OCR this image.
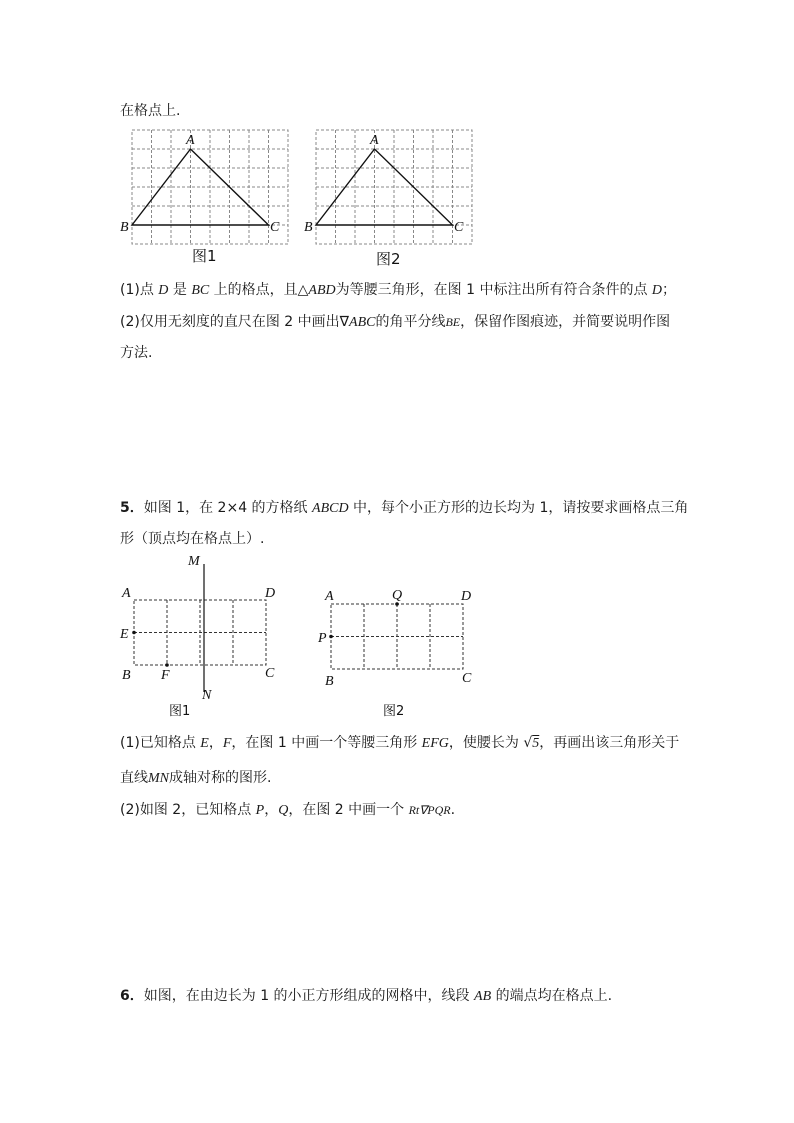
在格点上.
A
B	C
图1
A
B	C
图2
(1)点 D 是 BC 上的格点，且△ABD为等腰三角形，在图 1 中标注出所有符合条件的点 D；
(2)仅用无刻度的直尺在图 2 中画出∇ABC的角平分线BE，保留作图痕迹，并简要说明作图
方法.
5．如图 1，在 2×4 的方格纸 ABCD 中，每个小正方形的边长均为 1，请按要求画格点三角
形（顶点均在格点上）.
M
N
A	D
E
B F	C
图1
A	Q	D
P
B	C
图2
(1)已知格点 E，F，在图 1 中画一个等腰三角形 EFG，使腰长为 √5，再画出该三角形关于
直线MN成轴对称的图形.
(2)如图 2，已知格点 P，Q，在图 2 中画一个 Rt∇PQR.
6．如图，在由边长为 1 的小正方形组成的网格中，线段 AB 的端点均在格点上.
